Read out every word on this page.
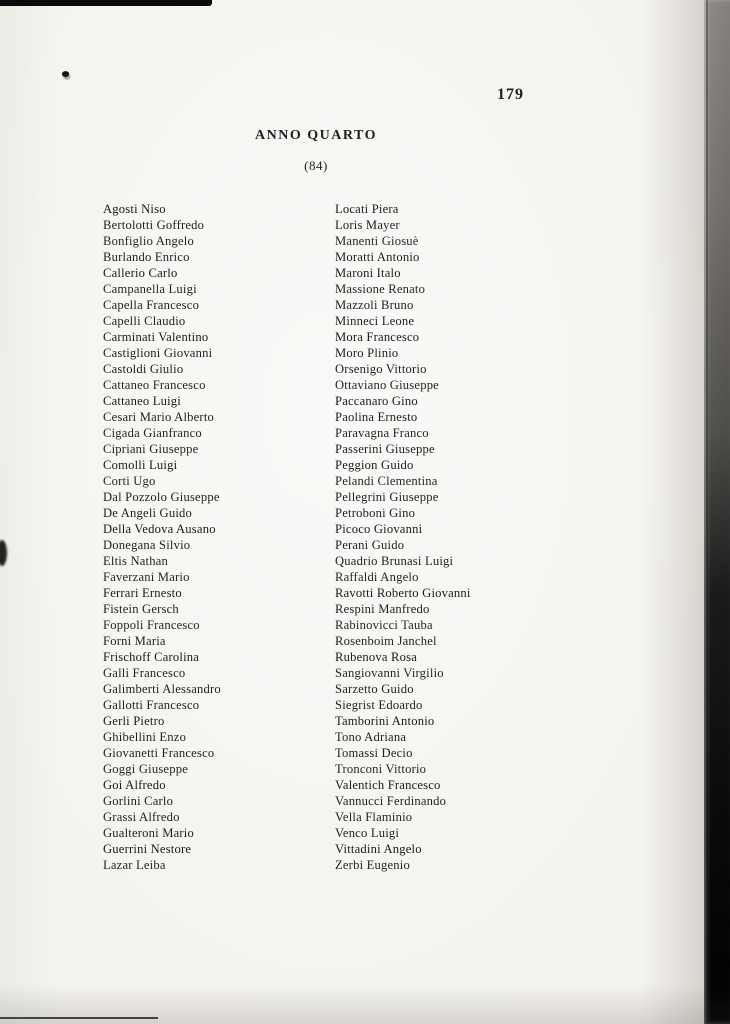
179
ANNO QUARTO
(84)
Agosti Niso
Bertolotti Goffredo
Bonfiglio Angelo
Burlando Enrico
Callerio Carlo
Campanella Luigi
Capella Francesco
Capelli Claudio
Carminati Valentino
Castiglioni Giovanni
Castoldi Giulio
Cattaneo Francesco
Cattaneo Luigi
Cesari Mario Alberto
Cigada Gianfranco
Cipriani Giuseppe
Comolli Luigi
Corti Ugo
Dal Pozzolo Giuseppe
De Angeli Guido
Della Vedova Ausano
Donegana Silvio
Eltis Nathan
Faverzani Mario
Ferrari Ernesto
Fistein Gersch
Foppoli Francesco
Forni Maria
Frischoff Carolina
Galli Francesco
Galimberti Alessandro
Gallotti Francesco
Gerli Pietro
Ghibellini Enzo
Giovanetti Francesco
Goggi Giuseppe
Goi Alfredo
Gorlini Carlo
Grassi Alfredo
Gualteroni Mario
Guerrini Nestore
Lazar Leiba
Locati Piera
Loris Mayer
Manenti Giosuè
Moratti Antonio
Maroni Italo
Massione Renato
Mazzoli Bruno
Minneci Leone
Mora Francesco
Moro Plinio
Orsenigo Vittorio
Ottaviano Giuseppe
Paccanaro Gino
Paolina Ernesto
Paravagna Franco
Passerini Giuseppe
Peggion Guido
Pelandi Clementina
Pellegrini Giuseppe
Petroboni Gino
Picoco Giovanni
Perani Guido
Quadrio Brunasi Luigi
Raffaldi Angelo
Ravotti Roberto Giovanni
Respini Manfredo
Rabinovicci Tauba
Rosenboim Janchel
Rubenova Rosa
Sangiovanni Virgilio
Sarzetto Guido
Siegrist Edoardo
Tamborini Antonio
Tono Adriana
Tomassi Decio
Tronconi Vittorio
Valentich Francesco
Vannucci Ferdinando
Vella Flaminio
Venco Luigi
Vittadini Angelo
Zerbi Eugenio
